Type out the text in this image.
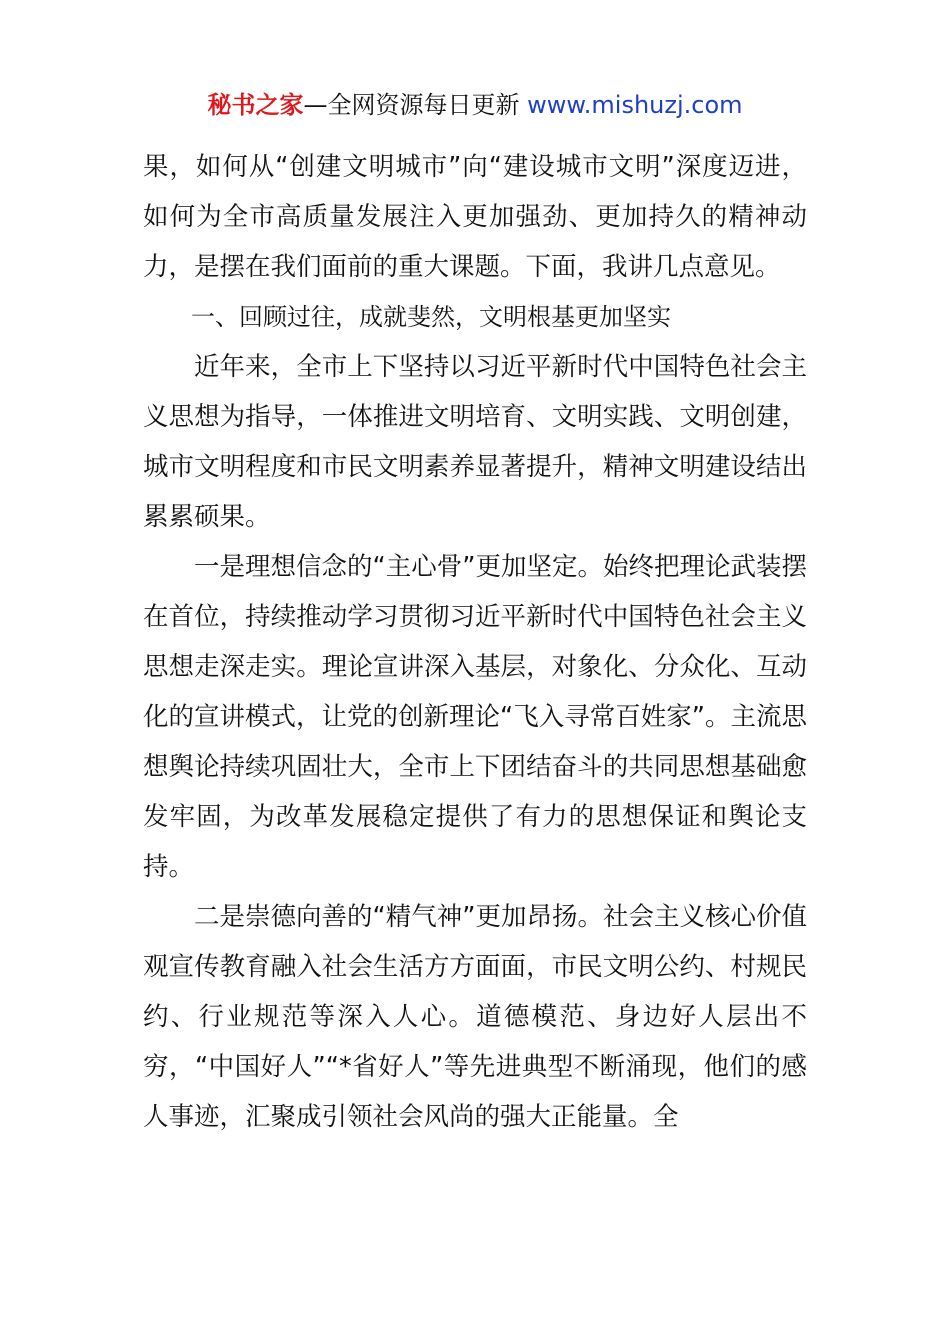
秘书之家—全网资源每日更新 www.mishuzj.com

果，如何从“创建文明城市”向“建设城市文明”深度迈进，如何为全市高质量发展注入更加强劲、更加持久的精神动力，是摆在我们面前的重大课题。下面，我讲几点意见。

一、回顾过往，成就斐然，文明根基更加坚实

近年来，全市上下坚持以习近平新时代中国特色社会主义思想为指导，一体推进文明培育、文明实践、文明创建，城市文明程度和市民文明素养显著提升，精神文明建设结出累累硕果。

一是理想信念的“主心骨”更加坚定。始终把理论武装摆在首位，持续推动学习贯彻习近平新时代中国特色社会主义思想走深走实。理论宣讲深入基层，对象化、分众化、互动化的宣讲模式，让党的创新理论“飞入寻常百姓家”。主流思想舆论持续巩固壮大，全市上下团结奋斗的共同思想基础愈发牢固，为改革发展稳定提供了有力的思想保证和舆论支持。

二是崇德向善的“精气神”更加昂扬。社会主义核心价值观宣传教育融入社会生活方方面面，市民文明公约、村规民约、行业规范等深入人心。道德模范、身边好人层出不穷，“中国好人”“*省好人”等先进典型不断涌现，他们的感人事迹，汇聚成引领社会风尚的强大正能量。全
